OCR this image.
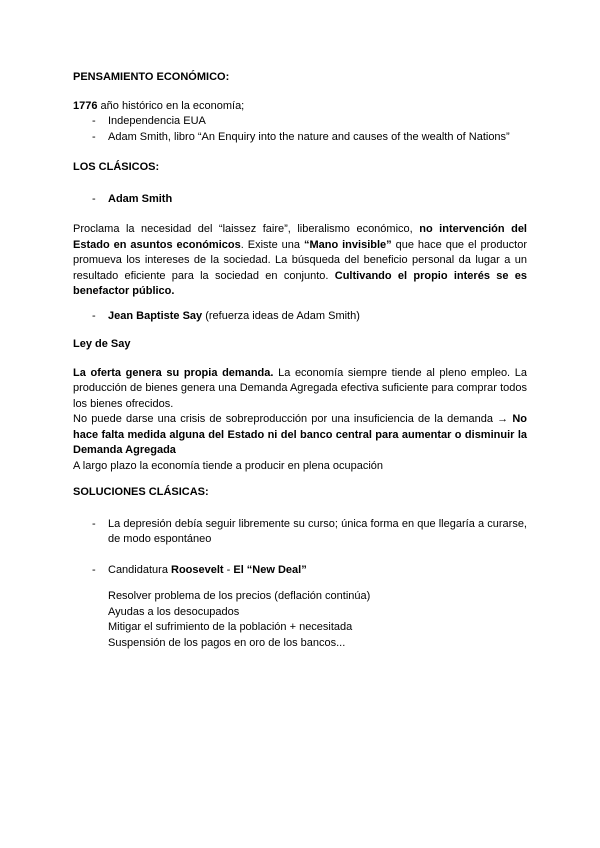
PENSAMIENTO ECONÓMICO:

1776 año histórico en la economía;

-	Independencia EUA
-	Adam Smith, libro “An Enquiry into the nature and causes of the wealth of Nations”

LOS CLÁSICOS:

-	Adam Smith

Proclama la necesidad del “laissez faire”, liberalismo económico, no intervención del Estado en asuntos económicos. Existe una “Mano invisible” que hace que el productor promueva los intereses de la sociedad. La búsqueda del beneficio personal da lugar a un resultado eficiente para la sociedad en conjunto. Cultivando el propio interés se es benefactor público.

-	Jean Baptiste Say (refuerza ideas de Adam Smith)

Ley de Say

La oferta genera su propia demanda. La economía siempre tiende al pleno empleo. La producción de bienes genera una Demanda Agregada efectiva suficiente para comprar todos los bienes ofrecidos.

No puede darse una crisis de sobreproducción por una insuficiencia de la demanda → No hace falta medida alguna del Estado ni del banco central para aumentar o disminuir la Demanda Agregada

A largo plazo la economía tiende a producir en plena ocupación

SOLUCIONES CLÁSICAS:

-	La depresión debía seguir libremente su curso; única forma en que llegaría a curarse, de modo espontáneo
-	Candidatura Roosevelt - El “New Deal”

Resolver problema de los precios (deflación continúa)

Ayudas a los desocupados

Mitigar el sufrimiento de la población + necesitada

Suspensión de los pagos en oro de los bancos...
